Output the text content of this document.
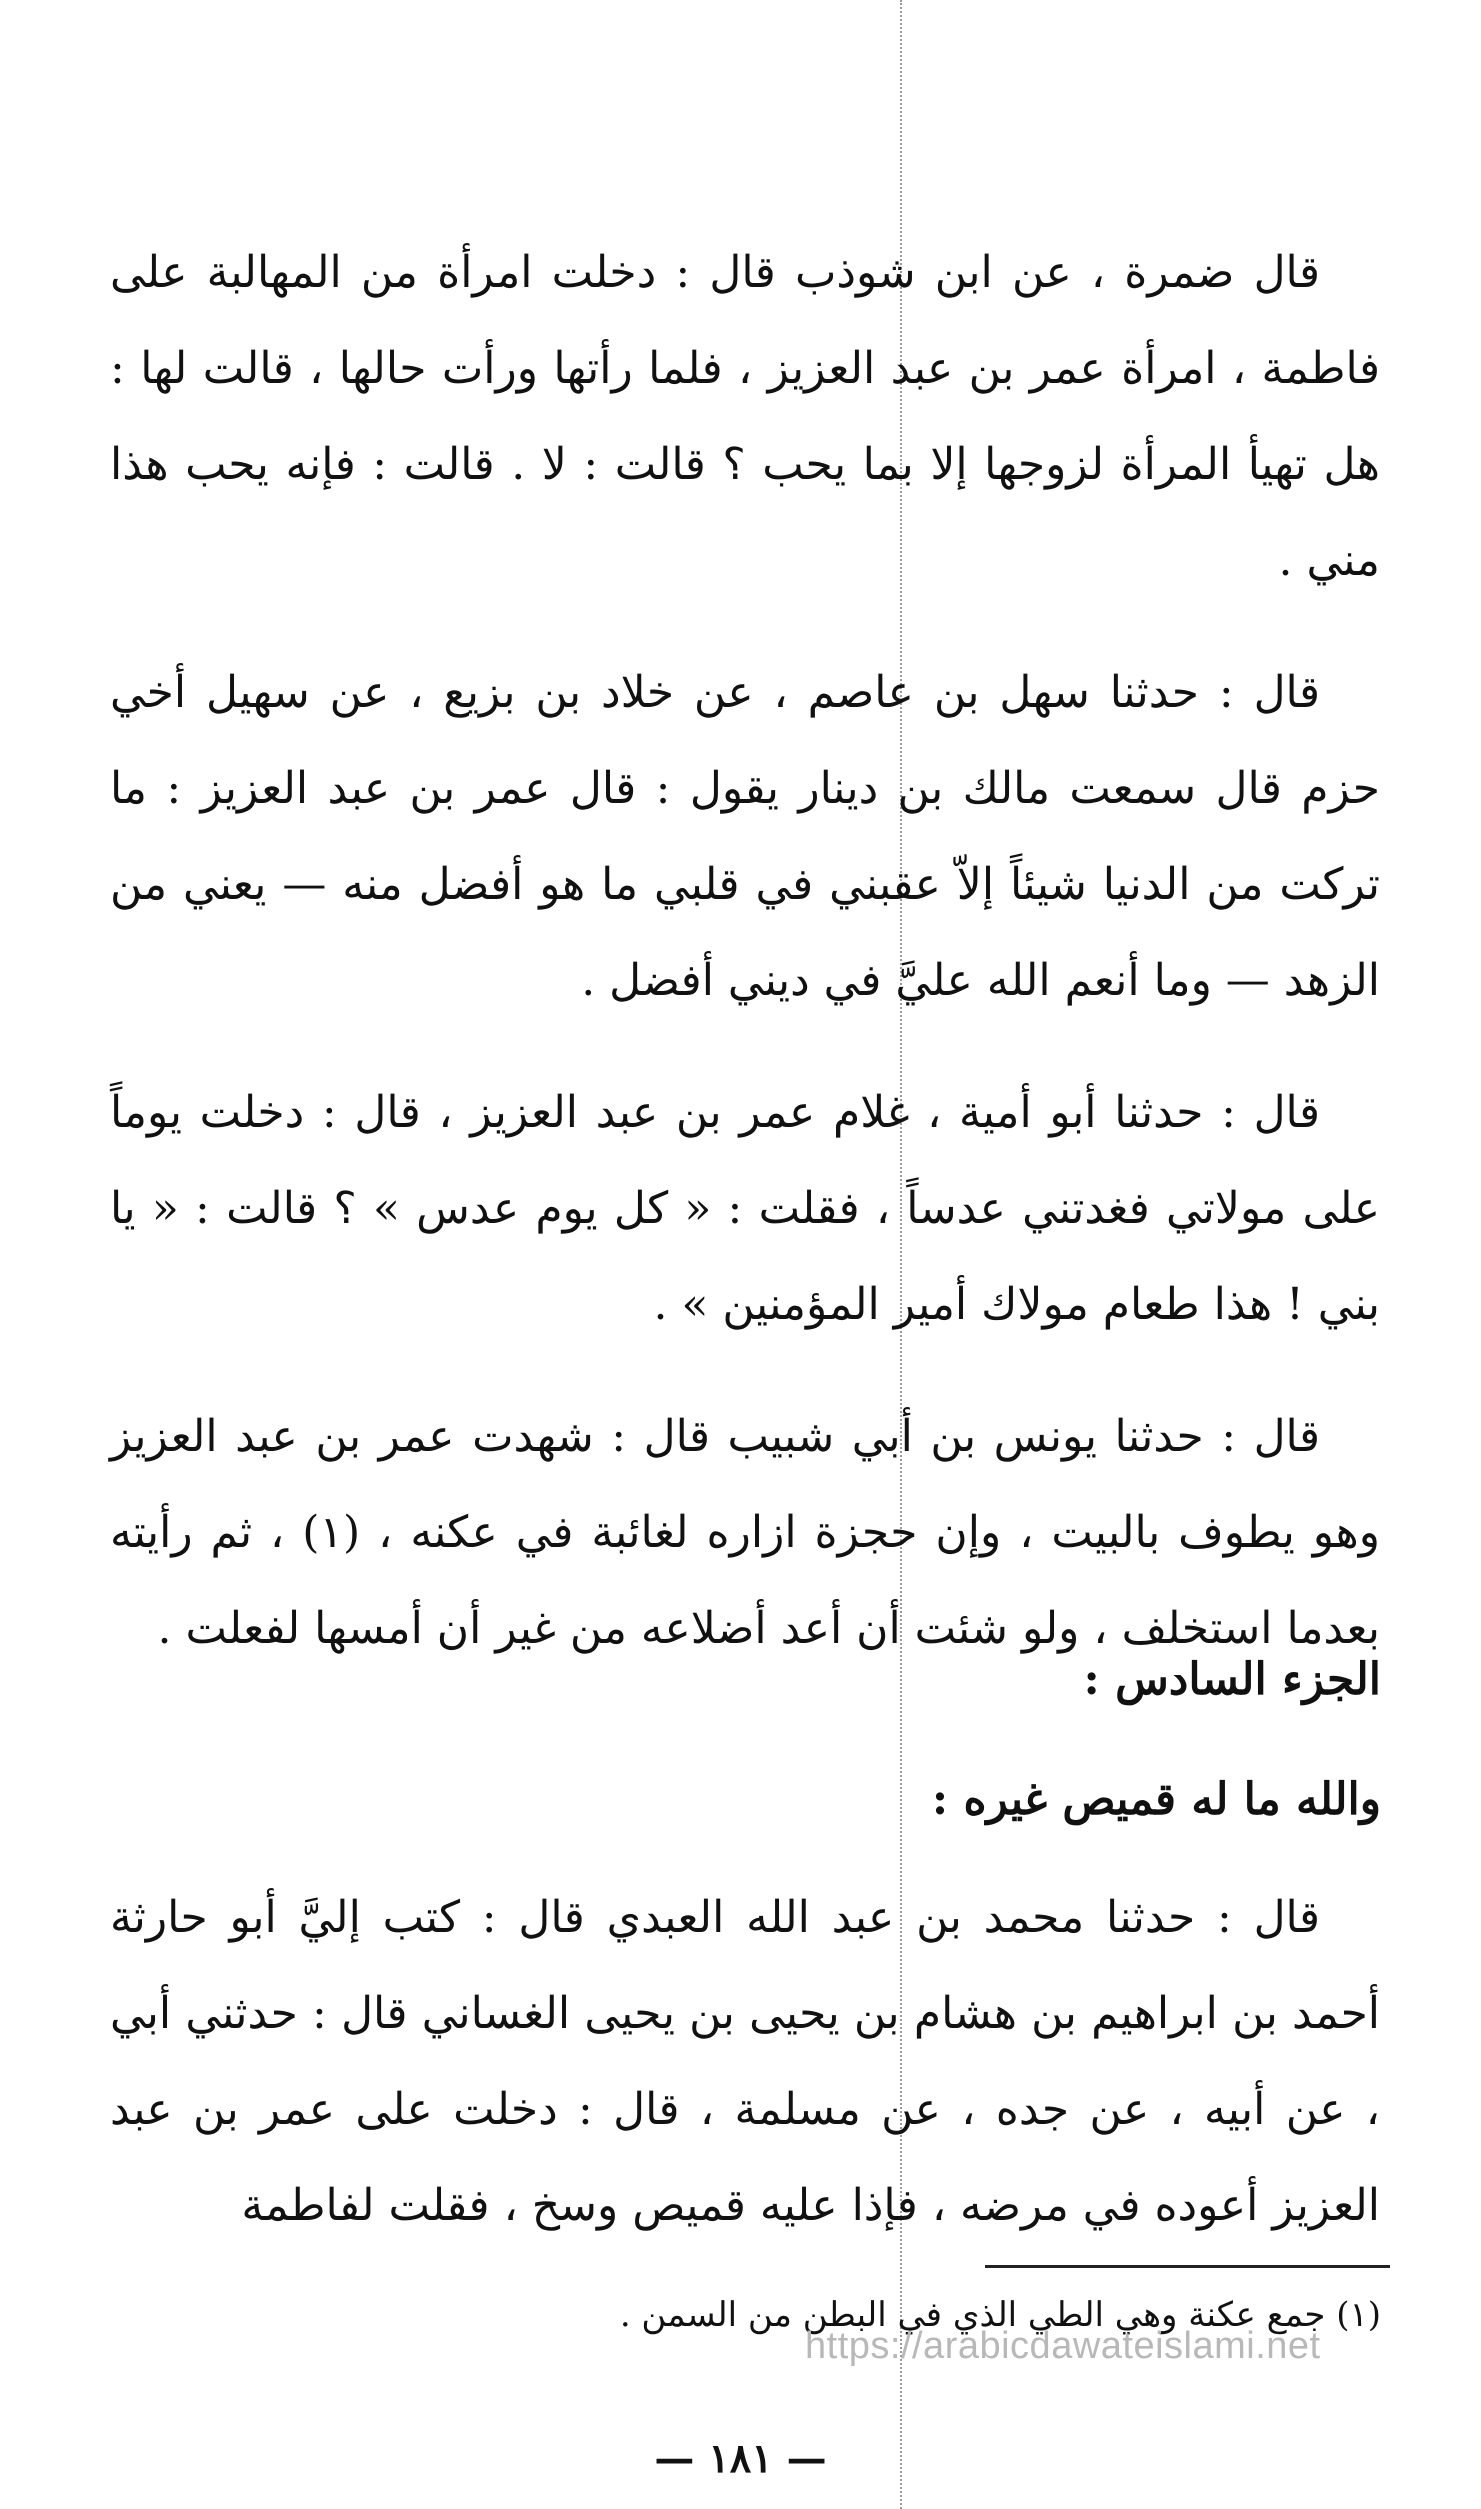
قال ضمرة ، عن ابن شوذب قال : دخلت امرأة من المهالبة على فاطمة ، امرأة عمر بن عبد العزيز ، فلما رأتها ورأت حالها ، قالت لها : هل تهيأ المرأة لزوجها إلا بما يحب ؟ قالت : لا . قالت : فإنه يحب هذا مني .

قال : حدثنا سهل بن عاصم ، عن خلاد بن بزيع ، عن سهيل أخي حزم قال سمعت مالك بن دينار يقول : قال عمر بن عبد العزيز : ما تركت من الدنيا شيئاً إلاّ عقبني في قلبي ما هو أفضل منه — يعني من الزهد — وما أنعم الله عليَّ في ديني أفضل .

قال : حدثنا أبو أمية ، غلام عمر بن عبد العزيز ، قال : دخلت يوماً على مولاتي فغدتني عدساً ، فقلت : « كل يوم عدس » ؟ قالت : « يا بني ! هذا طعام مولاك أمير المؤمنين » .

قال : حدثنا يونس بن أبي شبيب قال : شهدت عمر بن عبد العزيز وهو يطوف بالبيت ، وإن حجزة ازاره لغائبة في عكنه ، (١) ، ثم رأيته بعدما استخلف ، ولو شئت أن أعد أضلاعه من غير أن أمسها لفعلت .

الجزء السادس :
والله ما له قميص غيره :

قال : حدثنا محمد بن عبد الله العبدي قال : كتب إليَّ أبو حارثة أحمد بن ابراهيم بن هشام بن يحيى بن يحيى الغساني قال : حدثني أبي ، عن أبيه ، عن جده ، عن مسلمة ، قال : دخلت على عمر بن عبد العزيز أعوده في مرضه ، فإذا عليه قميص وسخ ، فقلت لفاطمة

(١) جمع عكنة وهي الطي الذي في البطن من السمن .

https://arabicdawateislami.net
— ١٨١ —
